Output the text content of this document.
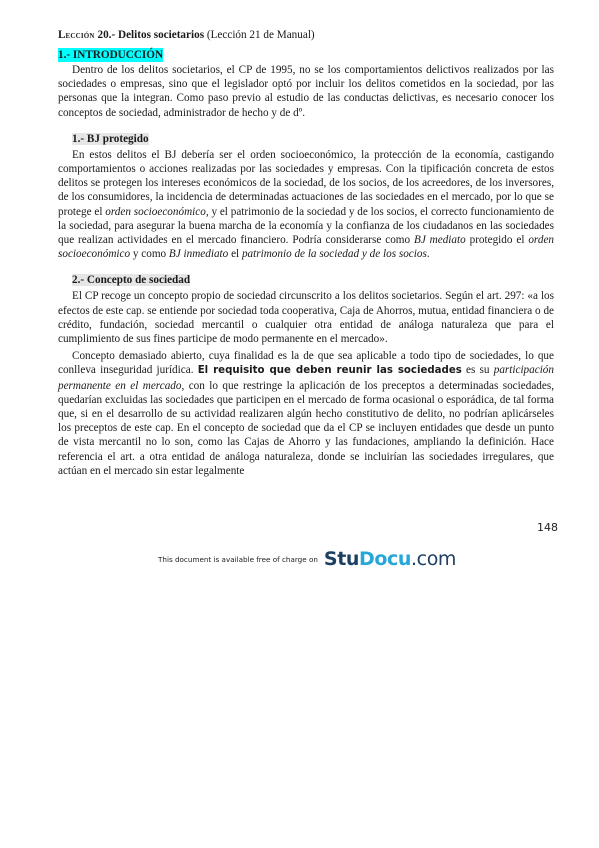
LECCIÓN 20.- Delitos societarios (Lección 21 de Manual)
1.- INTRODUCCIÓN

Dentro de los delitos societarios, el CP de 1995, no se los comportamientos delictivos realizados por las sociedades o empresas, sino que el legislador optó por incluir los delitos cometidos en la sociedad, por las personas que la integran. Como paso previo al estudio de las conductas delictivas, es necesario conocer los conceptos de sociedad, administrador de hecho y de dº.

1.- BJ protegido

En estos delitos el BJ debería ser el orden socioeconómico, la protección de la economía, castigando comportamientos o acciones realizadas por las sociedades y empresas. Con la tipificación concreta de estos delitos se protegen los intereses económicos de la sociedad, de los socios, de los acreedores, de los inversores, de los consumidores, la incidencia de determinadas actuaciones de las sociedades en el mercado, por lo que se protege el orden socioeconómico, y el patrimonio de la sociedad y de los socios, el correcto funcionamiento de la sociedad, para asegurar la buena marcha de la economía y la confianza de los ciudadanos en las sociedades que realizan actividades en el mercado financiero. Podría considerarse como BJ mediato protegido el orden socioeconómico y como BJ inmediato el patrimonio de la sociedad y de los socios.

2.- Concepto de sociedad

El CP recoge un concepto propio de sociedad circunscrito a los delitos societarios. Según el art. 297: «a los efectos de este cap. se entiende por sociedad toda cooperativa, Caja de Ahorros, mutua, entidad financiera o de crédito, fundación, sociedad mercantil o cualquier otra entidad de análoga naturaleza que para el cumplimiento de sus fines participe de modo permanente en el mercado».

Concepto demasiado abierto, cuya finalidad es la de que sea aplicable a todo tipo de sociedades, lo que conlleva inseguridad jurídica. El requisito que deben reunir las sociedades es su participación permanente en el mercado, con lo que restringe la aplicación de los preceptos a determinadas sociedades, quedarían excluidas las sociedades que participen en el mercado de forma ocasional o esporádica, de tal forma que, si en el desarrollo de su actividad realizaren algún hecho constitutivo de delito, no podrían aplicárseles los preceptos de este cap. En el concepto de sociedad que da el CP se incluyen entidades que desde un punto de vista mercantil no lo son, como las Cajas de Ahorro y las fundaciones, ampliando la definición. Hace referencia el art. a otra entidad de análoga naturaleza, donde se incluirían las sociedades irregulares, que actúan en el mercado sin estar legalmente

148
This document is available free of charge on StuDocu.com
